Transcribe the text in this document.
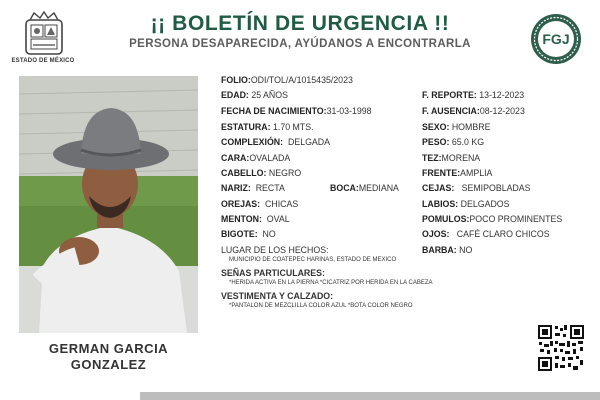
ESTADO DE MÉXICO
¡¡ BOLETÍN DE URGENCIA !!
PERSONA DESAPARECIDA, AYÚDANOS A ENCONTRARLA	FGJ
GERMAN GARCIA
GONZALEZ
FOLIO:ODI/TOL/A/1015435/2023
EDAD: 25 AÑOS
FECHA DE NACIMIENTO:31-03-1998
ESTATURA: 1.70 MTS.
COMPLEXIÓN: DELGADA
CARA:OVALADA
CABELLO: NEGRO
NARIZ: RECTA	BOCA:MEDIANA
OREJAS: CHICAS
MENTON: OVAL
BIGOTE: NO
LUGAR DE LOS HECHOS:
MUNICIPIO DE COATEPEC HARINAS, ESTADO DE MEXICO
SEÑAS PARTICULARES:
*HERIDA ACTIVA EN LA PIERNA *CICATRIZ POR HERIDA EN LA CABEZA
VESTIMENTA Y CALZADO:
*PANTALON DE MEZCLILLA COLOR AZUL *BOTA COLOR NEGRO
F. REPORTE: 13-12-2023
F. AUSENCIA:08-12-2023
SEXO: HOMBRE
PESO: 65.0 KG
TEZ:MORENA
FRENTE:AMPLIA
CEJAS: SEMIPOBLADAS
LABIOS: DELGADOS
POMULOS:POCO PROMINENTES
OJOS: CAFÉ CLARO CHICOS
BARBA: NO
